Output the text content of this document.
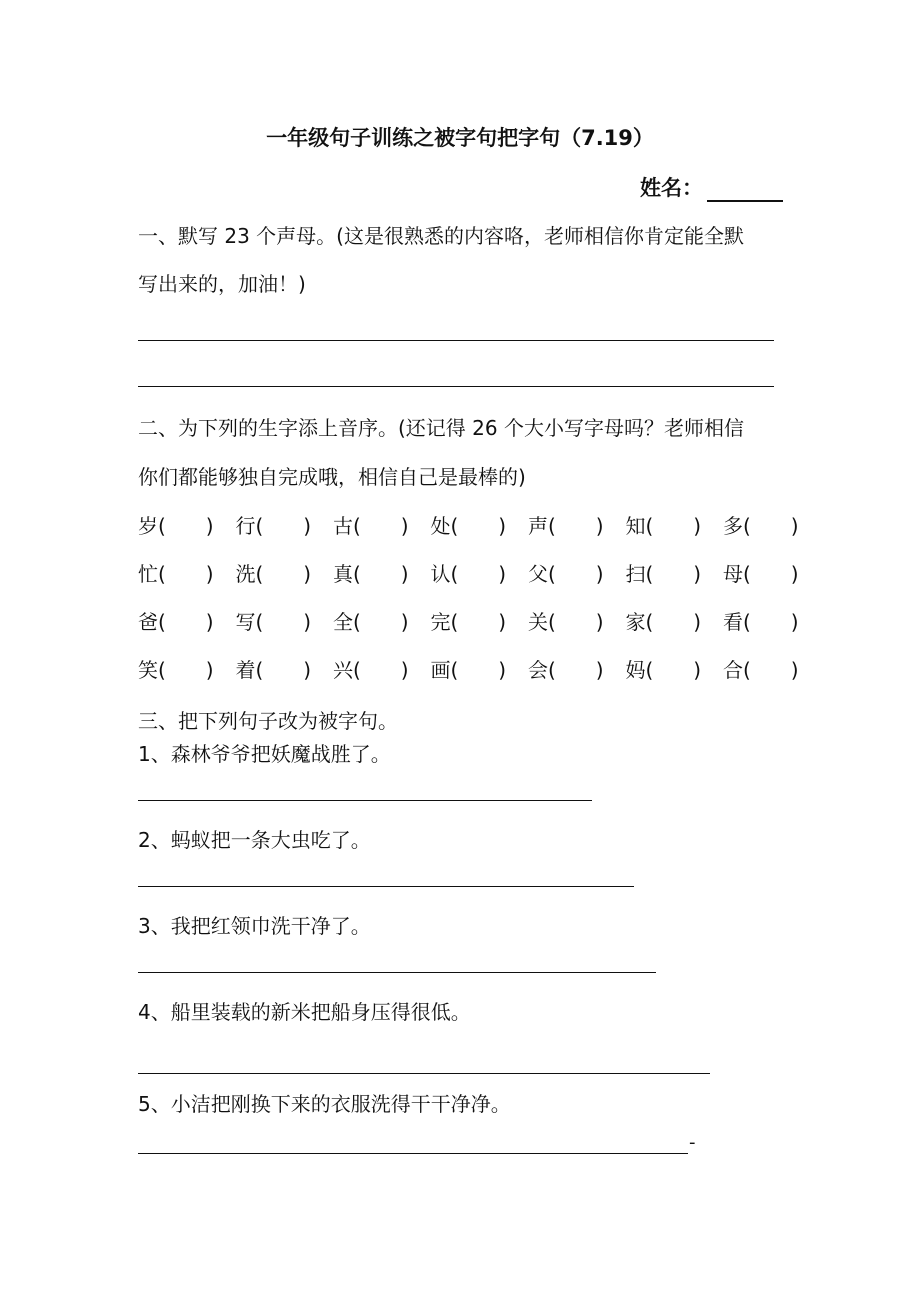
一年级句子训练之被字句把字句（7.19）
姓名：
一、默写 23 个声母。(这是很熟悉的内容咯，老师相信你肯定能全默
写出来的，加油！)
二、为下列的生字添上音序。(还记得 26 个大小写字母吗？老师相信
你们都能够独自完成哦，相信自己是最棒的)
岁(　　) 行(　　) 古(　　) 处(　　) 声(　　) 知(　　) 多(　　)
忙(　　) 洗(　　) 真(　　) 认(　　) 父(　　) 扫(　　) 母(　　)
爸(　　) 写(　　) 全(　　) 完(　　) 关(　　) 家(　　) 看(　　)
笑(　　) 着(　　) 兴(　　) 画(　　) 会(　　) 妈(　　) 合(　　)
三、把下列句子改为被字句。
1、森林爷爷把妖魔战胜了。
2、蚂蚁把一条大虫吃了。
3、我把红领巾洗干净了。
4、船里装载的新米把船身压得很低。
5、小洁把刚换下来的衣服洗得干干净净。
-
